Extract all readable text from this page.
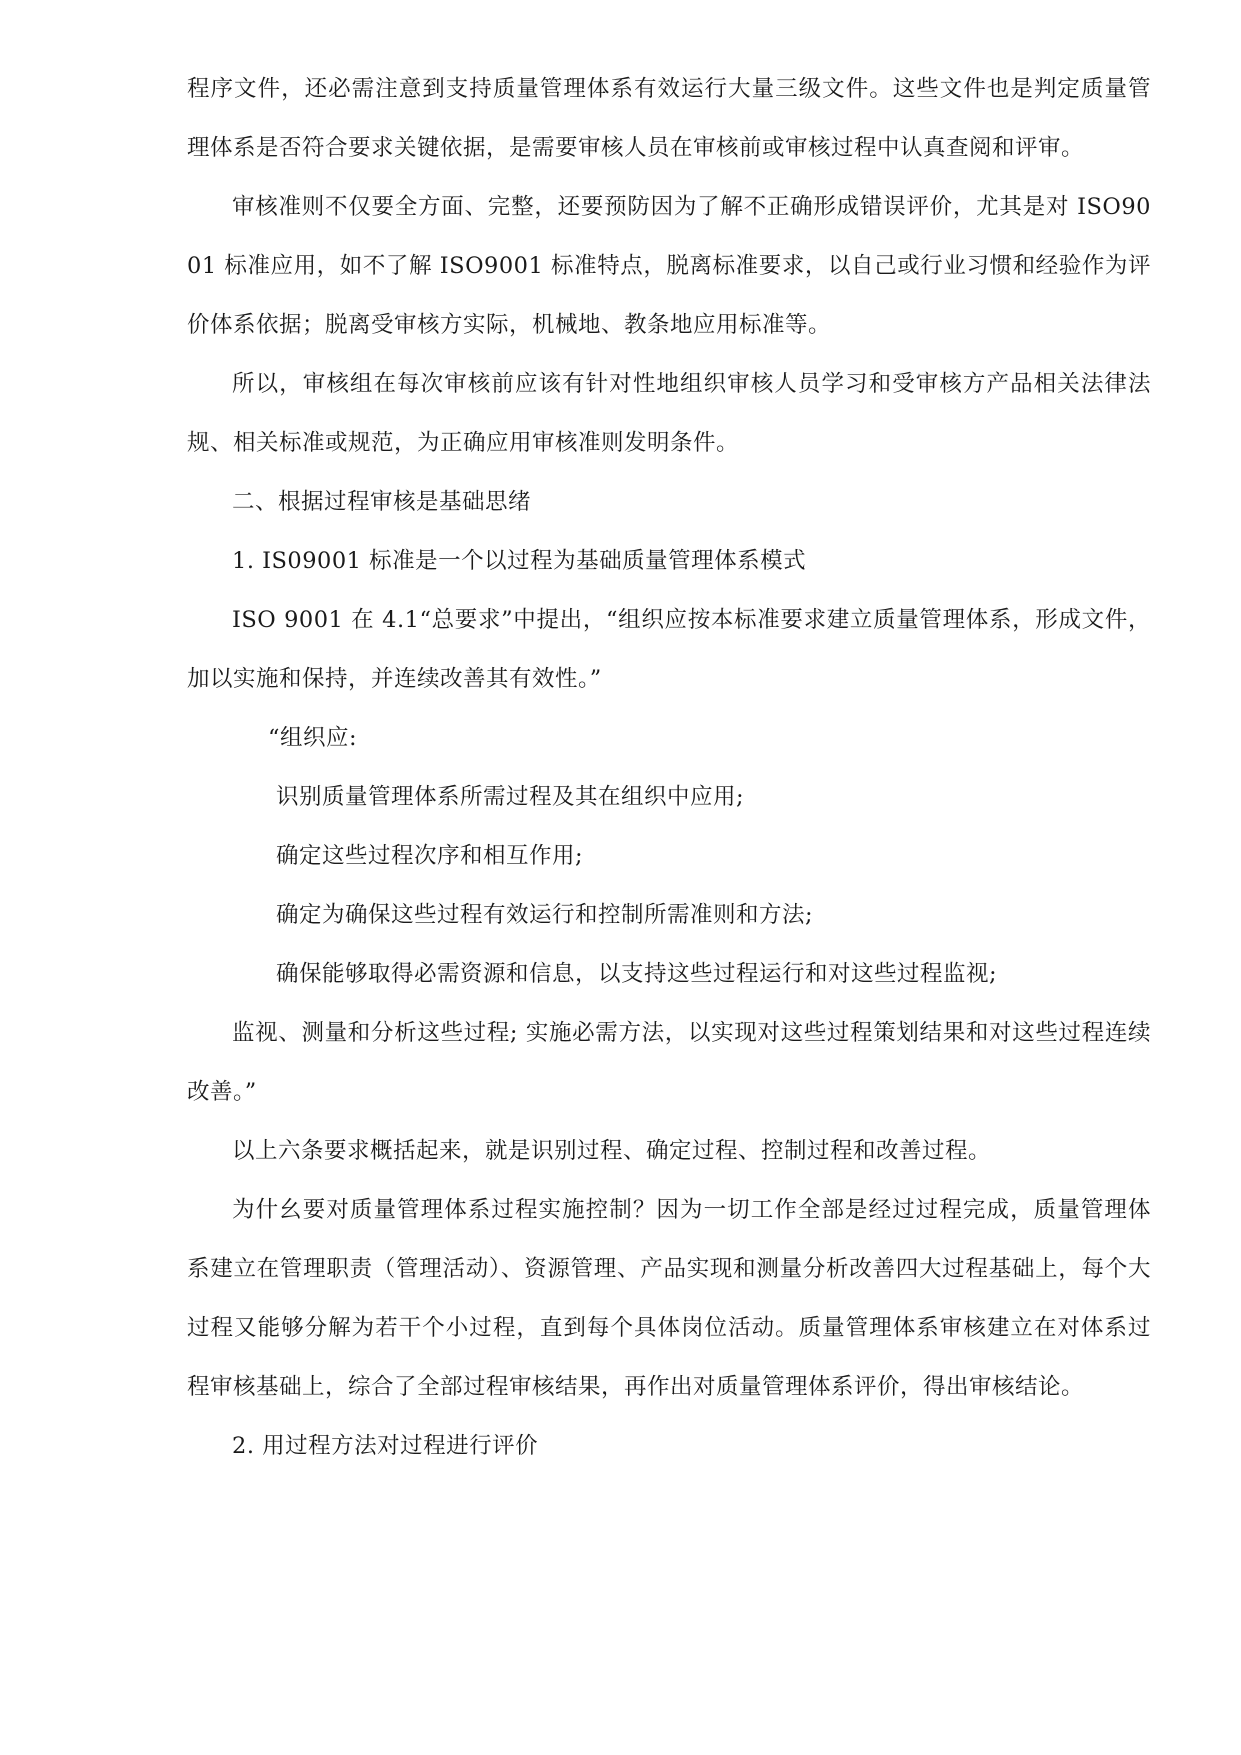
程序文件，还必需注意到支持质量管理体系有效运行大量三级文件。这些文件也是判定质量管理体系是否符合要求关键依据，是需要审核人员在审核前或审核过程中认真查阅和评审。

审核准则不仅要全方面、完整，还要预防因为了解不正确形成错误评价，尤其是对 ISO9001 标准应用，如不了解 ISO9001 标准特点，脱离标准要求，以自己或行业习惯和经验作为评价体系依据；脱离受审核方实际，机械地、教条地应用标准等。

所以，审核组在每次审核前应该有针对性地组织审核人员学习和受审核方产品相关法律法规、相关标准或规范，为正确应用审核准则发明条件。

二、根据过程审核是基础思绪

1. IS09001 标准是一个以过程为基础质量管理体系模式

ISO 9001 在 4.1“总要求”中提出，“组织应按本标准要求建立质量管理体系，形成文件，加以实施和保持，并连续改善其有效性。”

“组织应:

识别质量管理体系所需过程及其在组织中应用;

确定这些过程次序和相互作用;

确定为确保这些过程有效运行和控制所需准则和方法;

确保能够取得必需资源和信息，以支持这些过程运行和对这些过程监视;

监视、测量和分析这些过程; 实施必需方法，以实现对这些过程策划结果和对这些过程连续改善。”

以上六条要求概括起来，就是识别过程、确定过程、控制过程和改善过程。

为什幺要对质量管理体系过程实施控制？因为一切工作全部是经过过程完成，质量管理体系建立在管理职责（管理活动）、资源管理、产品实现和测量分析改善四大过程基础上，每个大过程又能够分解为若干个小过程，直到每个具体岗位活动。质量管理体系审核建立在对体系过程审核基础上，综合了全部过程审核结果，再作出对质量管理体系评价，得出审核结论。

2. 用过程方法对过程进行评价
